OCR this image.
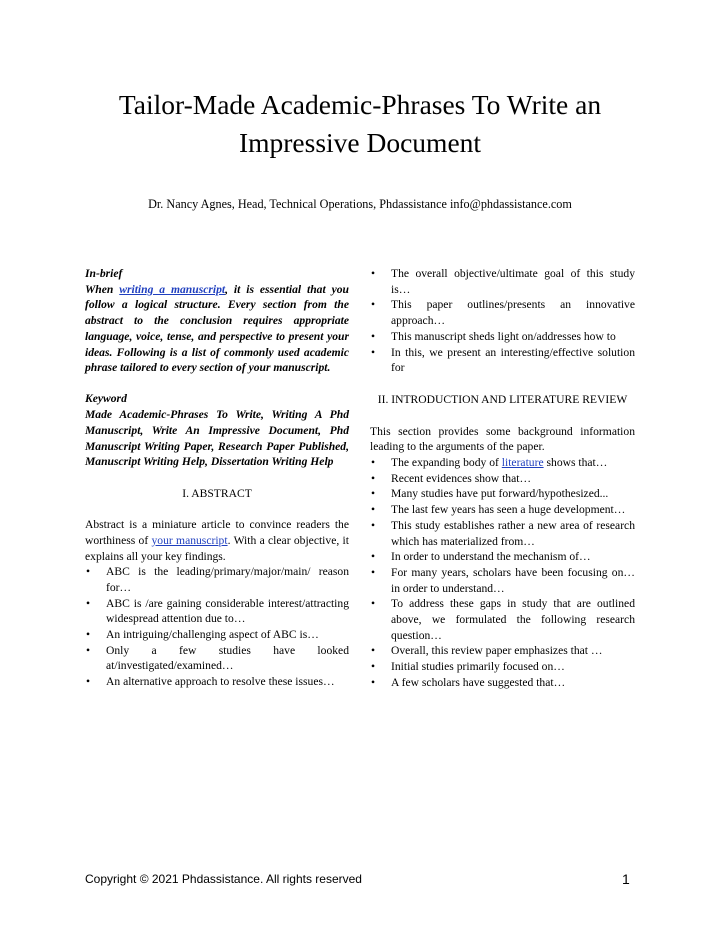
Tailor-Made Academic-Phrases To Write an
Impressive Document
Dr. Nancy Agnes, Head, Technical Operations, Phdassistance info@phdassistance.com

In-brief

When writing a manuscript, it is essential that you follow a logical structure. Every section from the abstract to the conclusion requires appropriate language, voice, tense, and perspective to present your ideas. Following is a list of commonly used academic phrase tailored to every section of your manuscript.

Keyword

Made Academic-Phrases To Write, Writing A Phd Manuscript, Write An Impressive Document, Phd Manuscript Writing Paper, Research Paper Published, Manuscript Writing Help, Dissertation Writing Help

I. ABSTRACT

Abstract is a miniature article to convince readers the worthiness of your manuscript. With a clear objective, it explains all your key findings.

• ABC is the leading/primary/major/main/ reason for…
• ABC is /are gaining considerable interest/attracting widespread attention due to…
• An intriguing/challenging aspect of ABC is…
• Only a few studies have looked at/investigated/examined…
• An alternative approach to resolve these issues…
• The overall objective/ultimate goal of this study is…
• This paper outlines/presents an innovative approach…
• This manuscript sheds light on/addresses how to
• In this, we present an interesting/effective solution for

II. INTRODUCTION AND LITERATURE REVIEW

This section provides some background information leading to the arguments of the paper.

• The expanding body of literature shows that…
• Recent evidences show that…
• Many studies have put forward/hypothesized...
• The last few years has seen a huge development…
• This study establishes rather a new area of research which has materialized from…
• In order to understand the mechanism of…
• For many years, scholars have been focusing on… in order to understand…
• To address these gaps in study that are outlined above, we formulated the following research question…
• Overall, this review paper emphasizes that …
• Initial studies primarily focused on…
• A few scholars have suggested that…
Copyright © 2021 Phdassistance. All rights reserved	1
